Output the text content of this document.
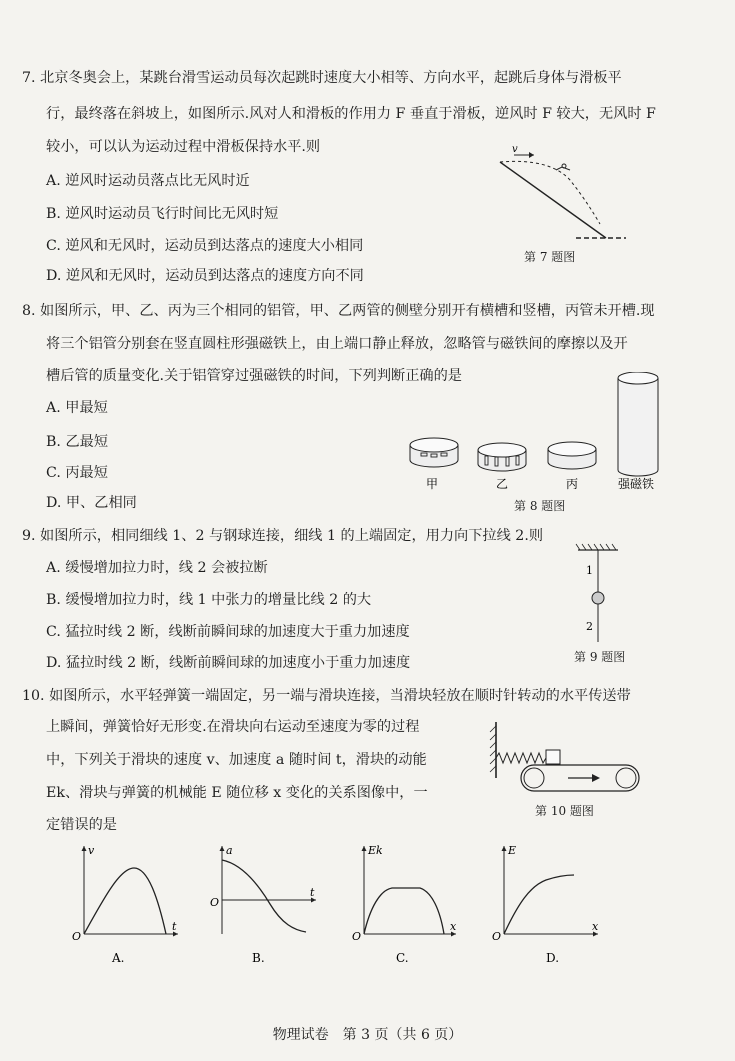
7. 北京冬奥会上，某跳台滑雪运动员每次起跳时速度大小相等、方向水平，起跳后身体与滑板平
行，最终落在斜坡上，如图所示.风对人和滑板的作用力 F 垂直于滑板，逆风时 F 较大，无风时 F
较小，可以认为运动过程中滑板保持水平.则
A. 逆风时运动员落点比无风时近
B. 逆风时运动员飞行时间比无风时短
C. 逆风和无风时，运动员到达落点的速度大小相同
D. 逆风和无风时，运动员到达落点的速度方向不同
v
第 7 题图
8. 如图所示，甲、乙、丙为三个相同的铝管，甲、乙两管的侧壁分别开有横槽和竖槽，丙管未开槽.现
将三个铝管分别套在竖直圆柱形强磁铁上，由上端口静止释放，忽略管与磁铁间的摩擦以及开
槽后管的质量变化.关于铝管穿过强磁铁的时间，下列判断正确的是
A. 甲最短
B. 乙最短
C. 丙最短
D. 甲、乙相同
甲	乙	丙	强磁铁
第 8 题图
9. 如图所示，相同细线 1、2 与钢球连接，细线 1 的上端固定，用力向下拉线 2.则
A. 缓慢增加拉力时，线 2 会被拉断
B. 缓慢增加拉力时，线 1 中张力的增量比线 2 的大
C. 猛拉时线 2 断，线断前瞬间球的加速度大于重力加速度
D. 猛拉时线 2 断，线断前瞬间球的加速度小于重力加速度
1
2
第 9 题图
10. 如图所示，水平轻弹簧一端固定，另一端与滑块连接，当滑块轻放在顺时针转动的水平传送带
上瞬间，弹簧恰好无形变.在滑块向右运动至速度为零的过程
中，下列关于滑块的速度 v、加速度 a 随时间 t，滑块的动能
Ek、滑块与弹簧的机械能 E 随位移 x 变化的关系图像中，一
定错误的是
第 10 题图
v
t
O
A.
a
t
O
B.
Ek
x
O
C.
E
x
O
D.
物理试卷　第 3 页（共 6 页）
